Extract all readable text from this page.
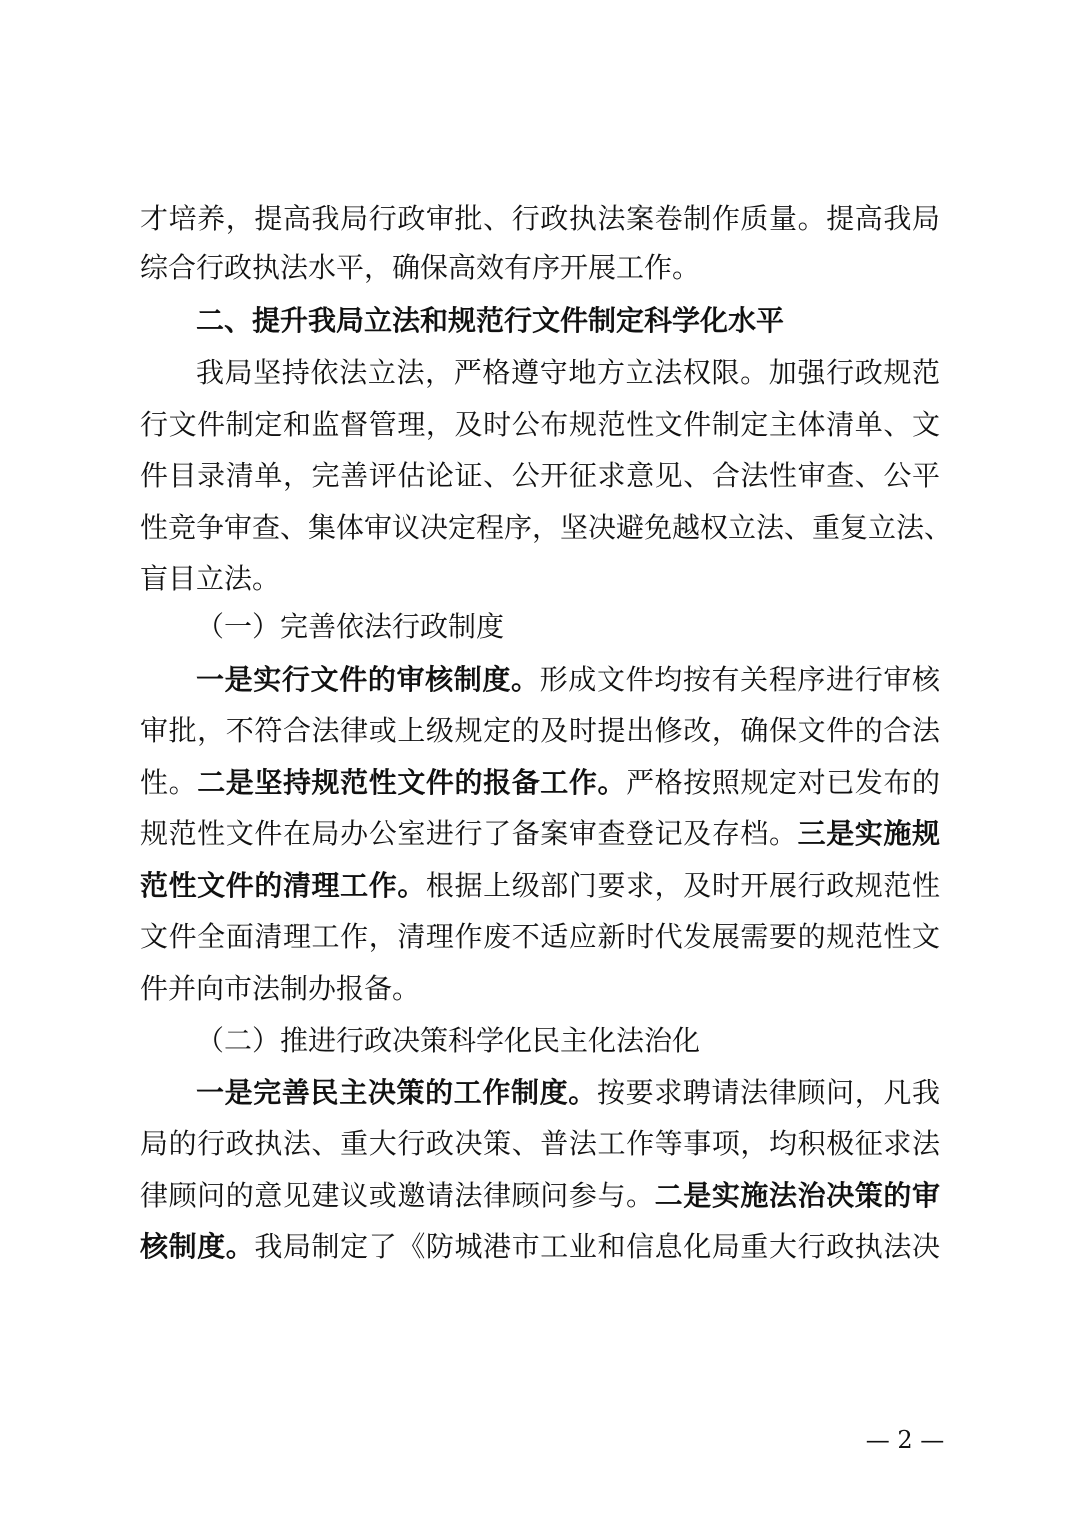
才培养，提高我局行政审批、行政执法案卷制作质量。提高我局
综合行政执法水平，确保高效有序开展工作。
二、提升我局立法和规范行文件制定科学化水平
我局坚持依法立法，严格遵守地方立法权限。加强行政规范
行文件制定和监督管理，及时公布规范性文件制定主体清单、文
件目录清单，完善评估论证、公开征求意见、合法性审查、公平
性竞争审查、集体审议决定程序，坚决避免越权立法、重复立法、
盲目立法。
（一）完善依法行政制度
一是实行文件的审核制度。形成文件均按有关程序进行审核
审批，不符合法律或上级规定的及时提出修改，确保文件的合法
性。二是坚持规范性文件的报备工作。严格按照规定对已发布的
规范性文件在局办公室进行了备案审查登记及存档。三是实施规
范性文件的清理工作。根据上级部门要求，及时开展行政规范性
文件全面清理工作，清理作废不适应新时代发展需要的规范性文
件并向市法制办报备。
（二）推进行政决策科学化民主化法治化
一是完善民主决策的工作制度。按要求聘请法律顾问，凡我
局的行政执法、重大行政决策、普法工作等事项，均积极征求法
律顾问的意见建议或邀请法律顾问参与。二是实施法治决策的审
核制度。我局制定了《防城港市工业和信息化局重大行政执法决
— 2 —
